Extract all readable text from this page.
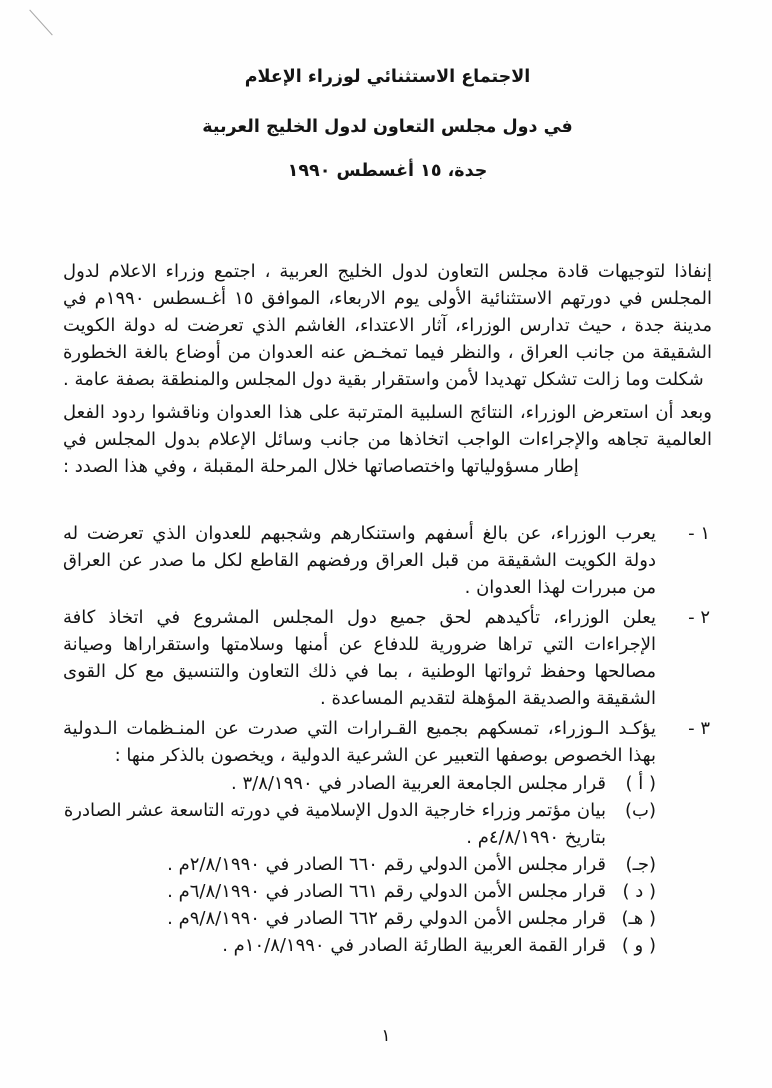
الاجتماع الاستثنائي لوزراء الإعلام

في دول مجلس التعاون لدول الخليج العربية

جدة، ١٥ أغسطس ١٩٩٠

إنفاذا لتوجيهات قادة مجلس التعاون لدول الخليج العربية ، اجتمع وزراء الاعلام لدول المجلس في دورتهم الاستثنائية الأولى يوم الاربعاء، الموافق ١٥ أغـسطس ١٩٩٠م في مدينة جدة ، حيث تدارس الوزراء، آثار الاعتداء، الغاشم الذي تعرضت له دولة الكويت الشقيقة من جانب العراق ، والنظر فيما تمخـض عنه العدوان من أوضاع بالغة الخطورة شكلت وما زالت تشكل تهديدا لأمن واستقرار بقية دول المجلس والمنطقة بصفة عامة .

وبعد أن استعرض الوزراء، النتائج السلبية المترتبة على هذا العدوان وناقشوا ردود الفعل العالمية تجاهه والإجراءات الواجب اتخاذها من جانب وسائل الإعلام بدول المجلس في إطار مسؤولياتها واختصاصاتها خلال المرحلة المقبلة ، وفي هذا الصدد :

١ -
يعرب الوزراء، عن بالغ أسفهم واستنكارهم وشجبهم للعدوان الذي تعرضت له دولة الكويت الشقيقة من قبل العراق ورفضهم القاطع لكل ما صدر عن العراق من مبررات لهذا العدوان .
٢ -
يعلن الوزراء، تأكيدهم لحق جميع دول المجلس المشروع في اتخاذ كافة الإجراءات التي تراها ضرورية للدفاع عن أمنها وسلامتها واستقراراها وصيانة مصالحها وحفظ ثرواتها الوطنية ، بما في ذلك التعاون والتنسيق مع كل القوى الشقيقة والصديقة المؤهلة لتقديم المساعدة .
٣ -
يؤكـد الـوزراء، تمسكهم بجميع القـرارات التي صدرت عن المنـظمات الـدولية بهذا الخصوص بوصفها التعبير عن الشرعية الدولية ، ويخصون بالذكر منها :
( أ )
قرار مجلس الجامعة العربية الصادر في ٣/٨/١٩٩٠ .
(ب)
بيان مؤتمر وزراء خارجية الدول الإسلامية في دورته التاسعة عشر الصادرة بتاريخ ٤/٨/١٩٩٠م .
(جـ)
قرار مجلس الأمن الدولي رقم ٦٦٠ الصادر في ٢/٨/١٩٩٠م .
( د )
قرار مجلس الأمن الدولي رقم ٦٦١ الصادر في ٦/٨/١٩٩٠م .
( هـ)
قرار مجلس الأمن الدولي رقم ٦٦٢ الصادر في ٩/٨/١٩٩٠م .
( و )
قرار القمة العربية الطارئة الصادر في ١٠/٨/١٩٩٠م .
١
